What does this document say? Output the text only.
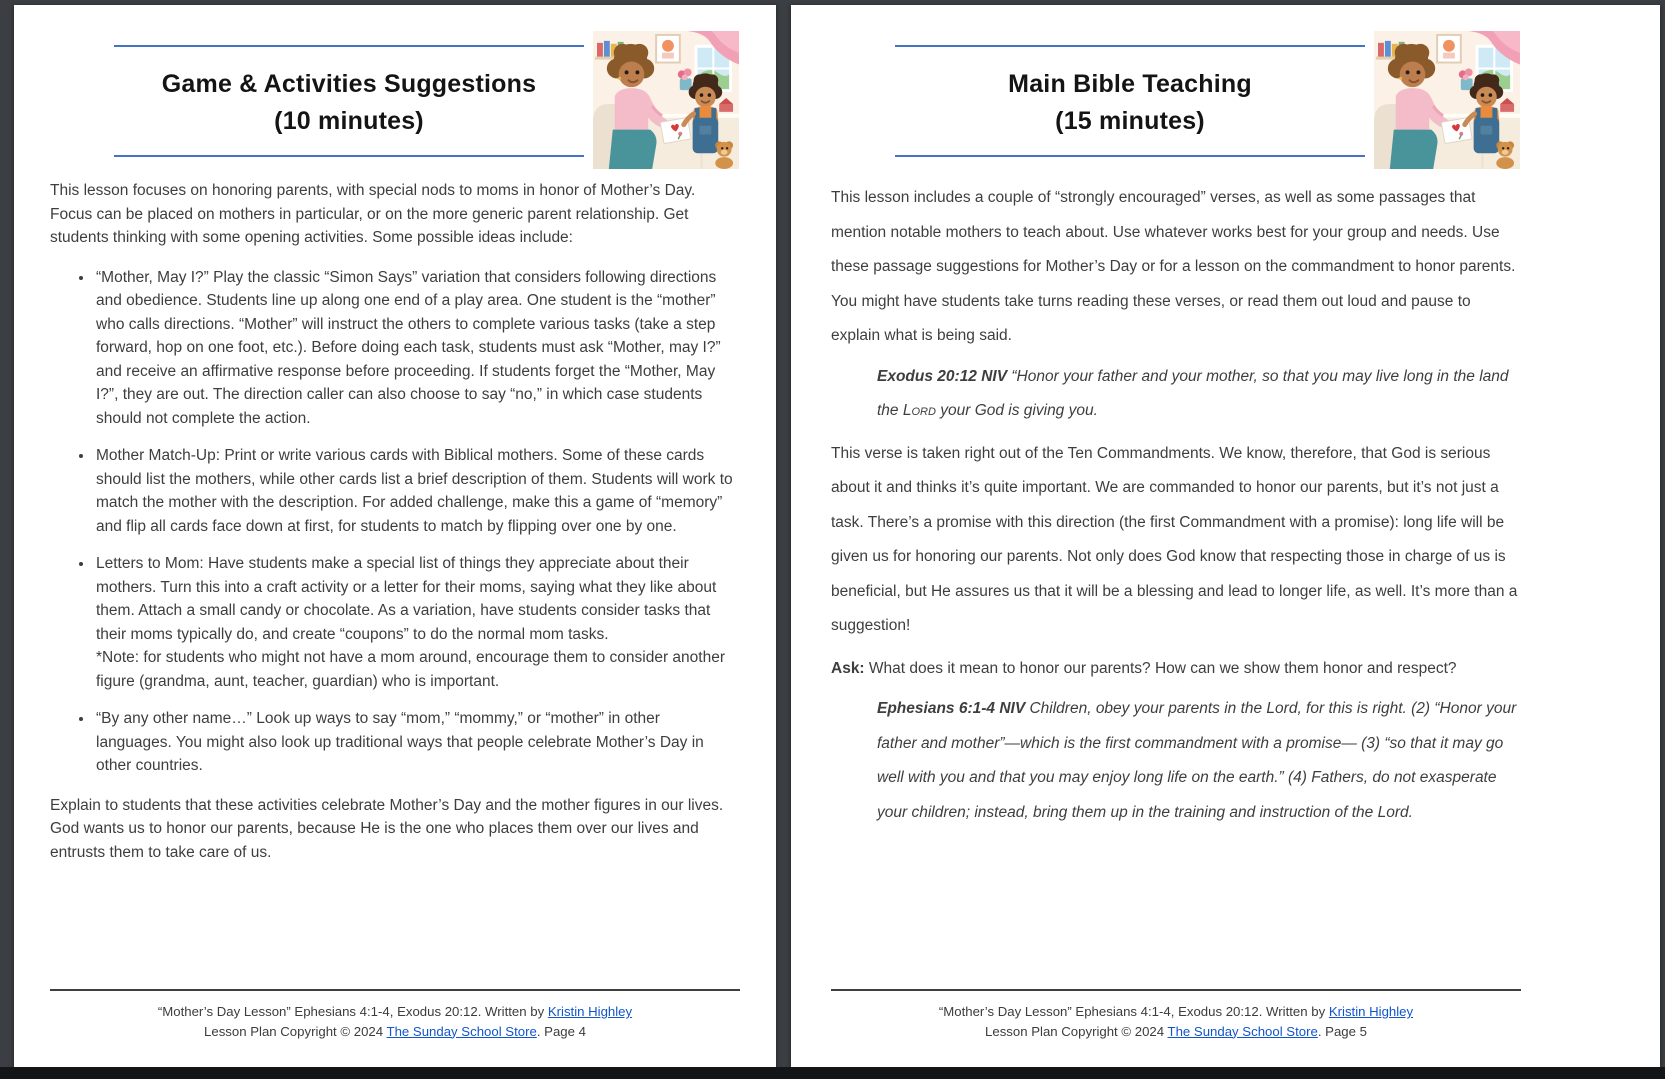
Game & Activities Suggestions
(10 minutes)

This lesson focuses on honoring parents, with special nods to moms in honor of Mother’s Day. Focus can be placed on mothers in particular, or on the more generic parent relationship. Get students thinking with some opening activities. Some possible ideas include:

• “Mother, May I?” Play the classic “Simon Says” variation that considers following directions and obedience. Students line up along one end of a play area. One student is the “mother” who calls directions. “Mother” will instruct the others to complete various tasks (take a step forward, hop on one foot, etc.). Before doing each task, students must ask “Mother, may I?” and receive an affirmative response before proceeding. If students forget the “Mother, May I?”, they are out. The direction caller can also choose to say “no,” in which case students should not complete the action.
• Mother Match-Up: Print or write various cards with Biblical mothers. Some of these cards should list the mothers, while other cards list a brief description of them. Students will work to match the mother with the description. For added challenge, make this a game of “memory” and flip all cards face down at first, for students to match by flipping over one by one.
• Letters to Mom: Have students make a special list of things they appreciate about their mothers. Turn this into a craft activity or a letter for their moms, saying what they like about them. Attach a small candy or chocolate. As a variation, have students consider tasks that their moms typically do, and create “coupons” to do the normal mom tasks.
*Note: for students who might not have a mom around, encourage them to consider another figure (grandma, aunt, teacher, guardian) who is important.
• “By any other name…” Look up ways to say “mom,” “mommy,” or “mother” in other languages. You might also look up traditional ways that people celebrate Mother’s Day in other countries.

Explain to students that these activities celebrate Mother’s Day and the mother figures in our lives. God wants us to honor our parents, because He is the one who places them over our lives and entrusts them to take care of us.

“Mother’s Day Lesson” Ephesians 4:1-4, Exodus 20:12. Written by Kristin Highley
Lesson Plan Copyright © 2024 The Sunday School Store. Page 4
Main Bible Teaching
(15 minutes)

This lesson includes a couple of “strongly encouraged” verses, as well as some passages that mention notable mothers to teach about. Use whatever works best for your group and needs. Use these passage suggestions for Mother’s Day or for a lesson on the commandment to honor parents. You might have students take turns reading these verses, or read them out loud and pause to explain what is being said.

Exodus 20:12 NIV “Honor your father and your mother, so that you may live long in the land the Lord your God is giving you.

This verse is taken right out of the Ten Commandments. We know, therefore, that God is serious about it and thinks it’s quite important. We are commanded to honor our parents, but it’s not just a task. There’s a promise with this direction (the first Commandment with a promise): long life will be given us for honoring our parents. Not only does God know that respecting those in charge of us is beneficial, but He assures us that it will be a blessing and lead to longer life, as well. It’s more than a suggestion!

Ask: What does it mean to honor our parents? How can we show them honor and respect?

Ephesians 6:1-4 NIV Children, obey your parents in the Lord, for this is right. (2) “Honor your father and mother”—which is the first commandment with a promise— (3) “so that it may go well with you and that you may enjoy long life on the earth.” (4) Fathers, do not exasperate your children; instead, bring them up in the training and instruction of the Lord.

“Mother’s Day Lesson” Ephesians 4:1-4, Exodus 20:12. Written by Kristin Highley
Lesson Plan Copyright © 2024 The Sunday School Store. Page 5
